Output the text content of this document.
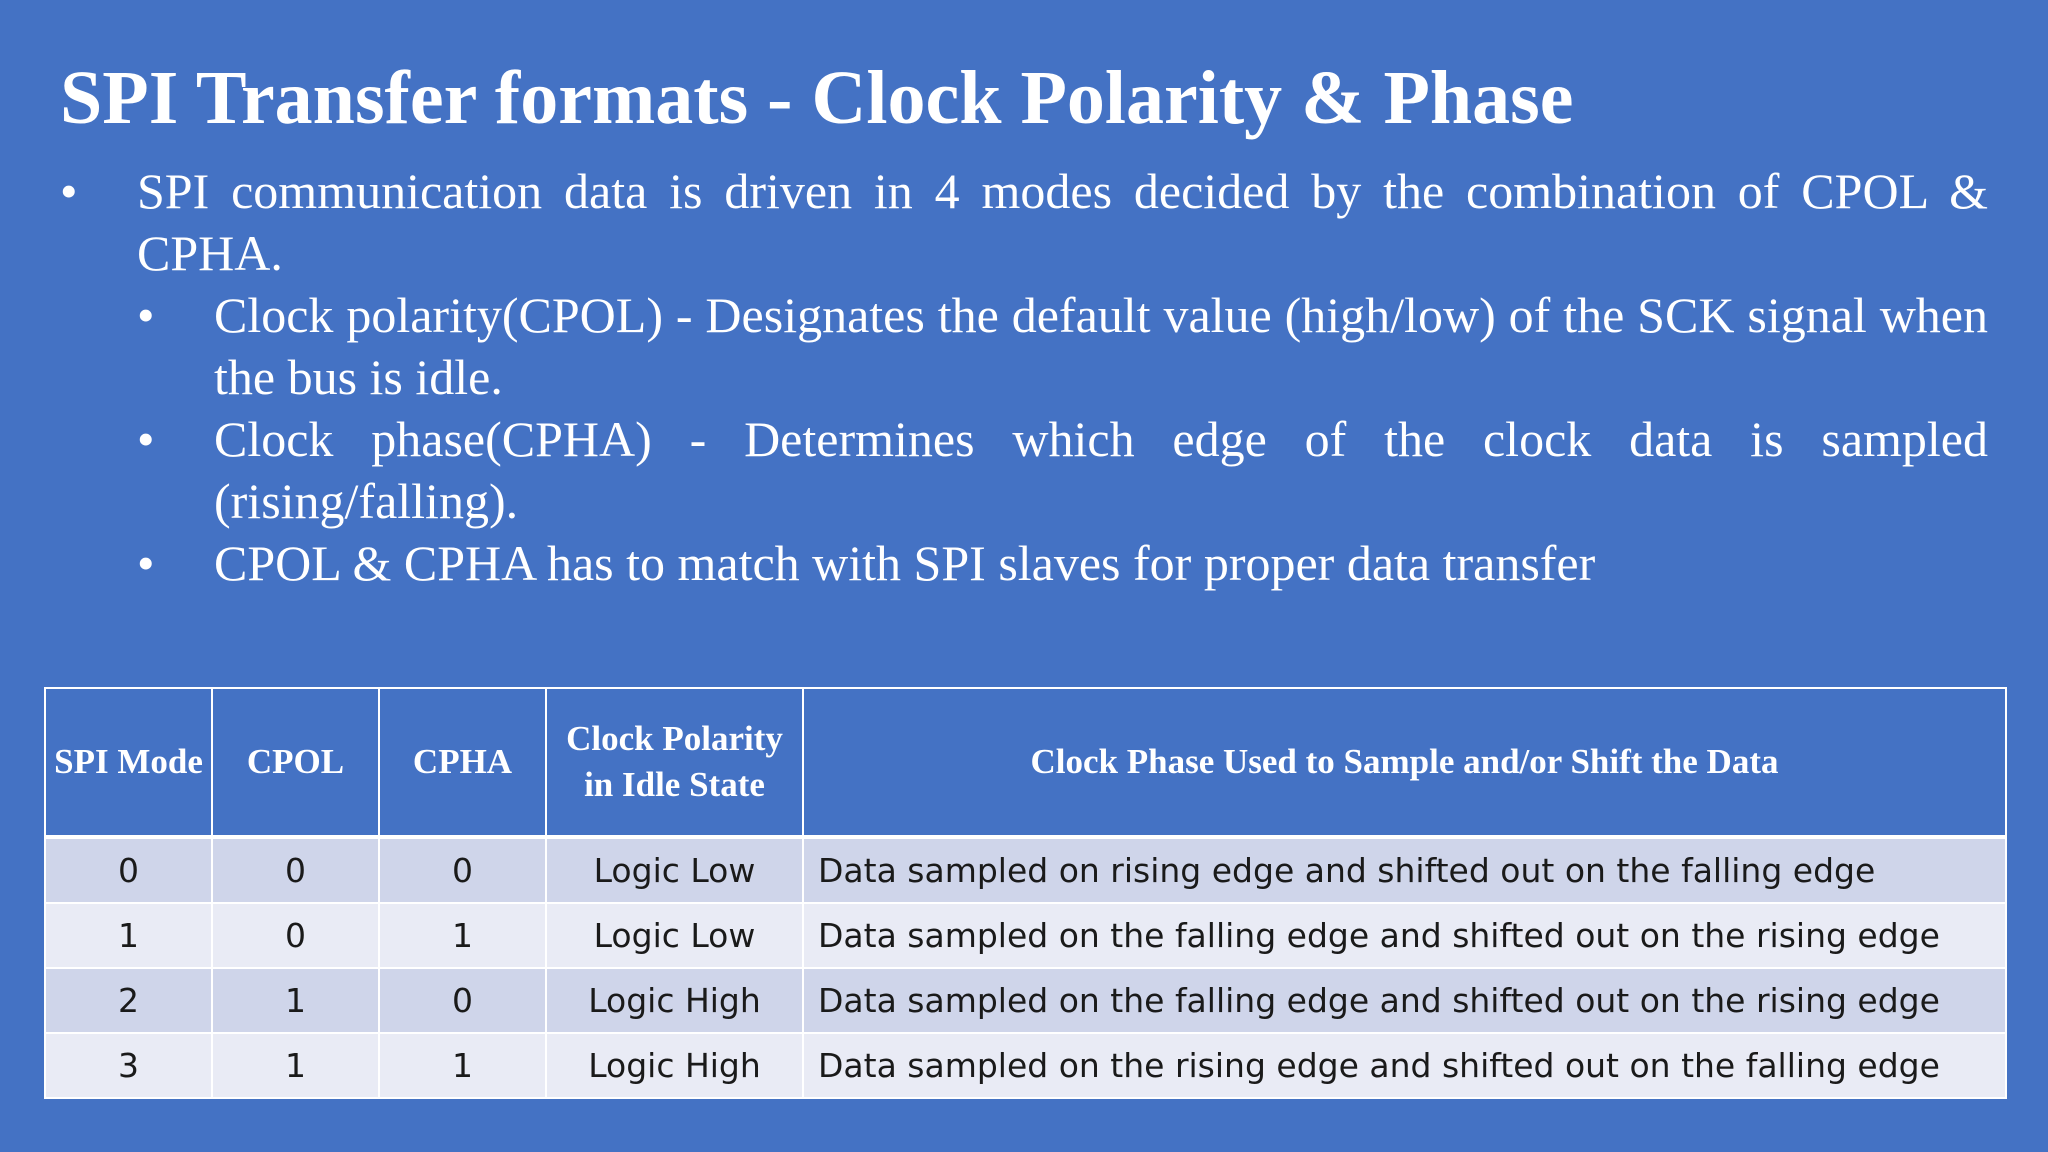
SPI Transfer formats - Clock Polarity & Phase
• SPI communication data is driven in 4 modes decided by the combination of CPOL & CPHA.
• Clock polarity(CPOL) - Designates the default value (high/low) of the SCK signal when the bus is idle.
• Clock phase(CPHA) - Determines which edge of the clock data is sampled (rising/falling).
• CPOL & CPHA has to match with SPI slaves for proper data transfer
SPI Mode	CPOL	CPHA	Clock Polarity in Idle State	Clock Phase Used to Sample and/or Shift the Data
0	0	0	Logic Low	Data sampled on rising edge and shifted out on the falling edge
1	0	1	Logic Low	Data sampled on the falling edge and shifted out on the rising edge
2	1	0	Logic High	Data sampled on the falling edge and shifted out on the rising edge
3	1	1	Logic High	Data sampled on the rising edge and shifted out on the falling edge
